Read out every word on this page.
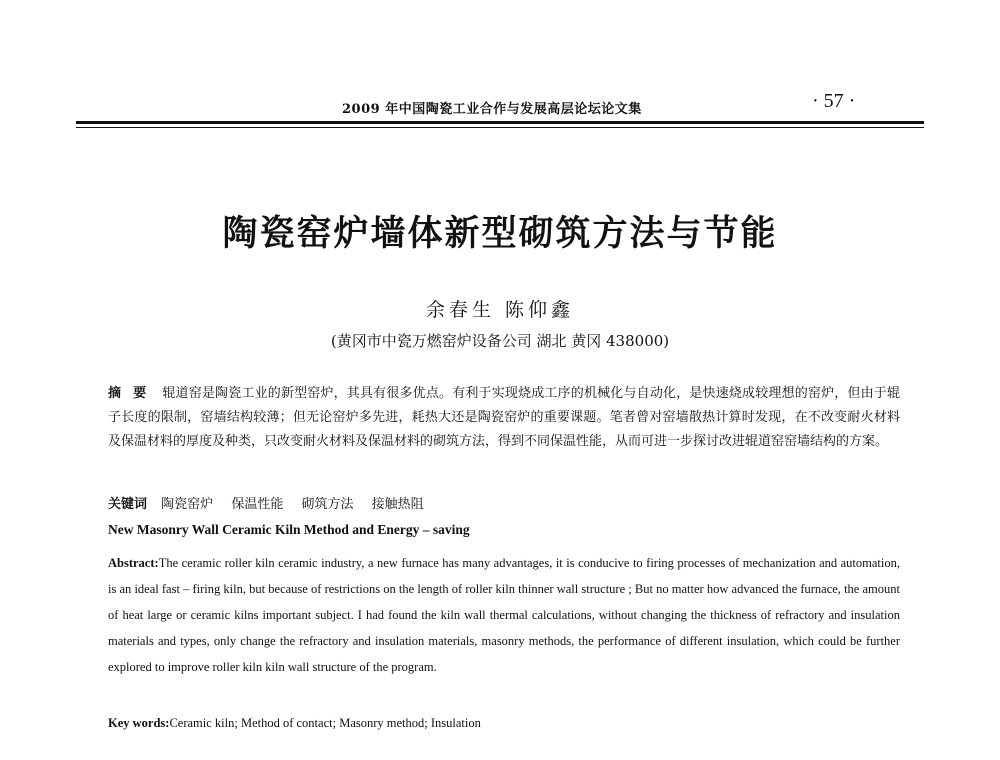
2009 年中国陶瓷工业合作与发展高层论坛论文集	· 57 ·
陶瓷窑炉墙体新型砌筑方法与节能
余春生 陈仰鑫
(黄冈市中瓷万燃窑炉设备公司 湖北 黄冈 438000)
摘要 辊道窑是陶瓷工业的新型窑炉，其具有很多优点。有利于实现烧成工序的机械化与自动化，是快速烧成较理想的窑炉，但由于辊子长度的限制，窑墙结构较薄；但无论窑炉多先进，耗热大还是陶瓷窑炉的重要课题。笔者曾对窑墙散热计算时发现，在不改变耐火材料及保温材料的厚度及种类，只改变耐火材料及保温材料的砌筑方法，得到不同保温性能，从而可进一步探讨改进辊道窑窑墙结构的方案。
关键词 陶瓷窑炉 保温性能 砌筑方法 接触热阻
New Masonry Wall Ceramic Kiln Method and Energy – saving
Abstract:The ceramic roller kiln ceramic industry, a new furnace has many advantages, it is conducive to firing processes of mechanization and automation, is an ideal fast – firing kiln, but because of restrictions on the length of roller kiln thinner wall structure ; But no matter how advanced the furnace, the amount of heat large or ceramic kilns important subject. I had found the kiln wall thermal calculations, without changing the thickness of refractory and insulation materials and types, only change the refractory and insulation materials, masonry methods, the performance of different insulation, which could be further explored to improve roller kiln kiln wall structure of the program.
Key words:Ceramic kiln; Method of contact; Masonry method; Insulation
